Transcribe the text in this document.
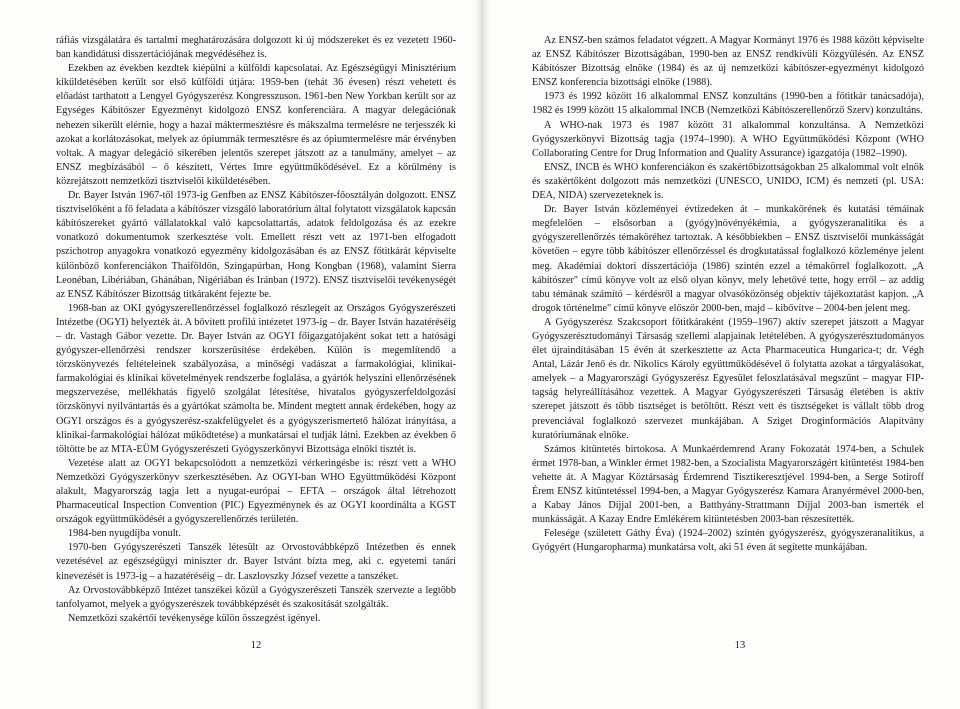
ráfiás vizsgálatára és tartalmi meghatározására dolgozott ki új módszereket és ez vezetett 1960-ban kandidátusi disszertációjának megvédéséhez is.

Ezekben az években kezdtek kiépülni a külföldi kapcsolatai. Az Egészségügyi Minisztérium kiküldetésében került sor első külföldi útjára: 1959-ben (tehát 36 évesen) részt vehetett és előadást tarthatott a Lengyel Gyógyszerész Kongresszuson. 1961-ben New Yorkban került sor az Egységes Kábítószer Egyezményt kidolgozó ENSZ konferenciára. A magyar delegációnak nehezen sikerült elérnie, hogy a hazai máktermesztésre és mákszalma termelésre ne terjesszék ki azokat a korlátozásokat, melyek az ópiummák termesztésre és az ópiumtermelésre már érvényben voltak. A magyar delegáció sikerében jelentős szerepet játszott az a tanulmány, amelyet – az ENSZ megbízásából – ő készített, Vértes Imre együttműködésével. Ez a körülmény is közrejátszott nemzetközi tisztviselői kiküldetésében.

Dr. Bayer István 1967-től 1973-ig Genfben az ENSZ Kábítószer-főosztályán dolgozott. ENSZ tisztviselőként a fő feladata a kábítószer vizsgáló laboratórium által folytatott vizsgálatok kapcsán kábítószereket gyártó vállalatokkal való kapcsolattartás, adatok feldolgozása és az ezekre vonatkozó dokumentumok szerkesztése volt. Emellett részt vett az 1971-ben elfogadott pszichotrop anyagokra vonatkozó egyezmény kidolgozásában és az ENSZ főtitkárát képviselte különböző konferenciákon Thaiföldön, Szingapúrban, Hong Kongban (1968), valamint Sierra Leonéban, Libériában, Ghánában, Nigériában és Iránban (1972). ENSZ tisztviselői tevékenységét az ENSZ Kábítószer Bizottság titkáraként fejezte be.

1968-ban az OKI gyógyszerellenőrzéssel foglalkozó részlegeit az Országos Gyógyszerészeti Intézetbe (OGYI) helyezték át. A bővített profilú intézetet 1973-ig – dr. Bayer István hazatéréséig – dr. Vastagh Gábor vezette. Dr. Bayer István az OGYI főigazgatójaként sokat tett a hatósági gyógyszer-ellenőrzési rendszer korszerűsítése érdekében. Külön is megemlítendő a törzskönyvezés feltételeinek szabályozása, a minőségi vadászat a farmakológiai, klinikai-farmakológiai és klinikai követelmények rendszerbe foglalása, a gyártók helyszíni ellenőrzésének megszervezése, mellékhatás figyelő szolgálat létesítése, hivatalos gyógyszerfeldolgozási törzskönyvi nyilvántartás és a gyártókat számolta be. Mindent megtett annak érdekében, hogy az OGYI országos és a gyógyszerész-szakfelügyelet és a gyógyszerismertető hálózat irányítása, a klinikai-farmakológiai hálózat működtetése) a munkatársai el tudják látni. Ezekben az években ő töltötte be az MTA-EÜM Gyógyszerészeti Gyógyszerkönyvi Bizottsága elnöki tisztét is.

Vezetése alatt az OGYI bekapcsolódott a nemzetközi vérkeringésbe is: részt vett a WHO Nemzetközi Gyógyszerkönyv szerkesztésében. Az OGYI-ban WHO Együttműködési Központ alakult, Magyarország tagja lett a nyugat-európai – EFTA – országok által létrehozott Pharmaceutical Inspection Convention (PIC) Egyezménynek és az OGYI koordinálta a KGST országok együttműködését a gyógyszerellenőrzés területén.

1984-ben nyugdíjba vonult.

1970-ben Gyógyszerészeti Tanszék létesült az Orvostovábbképző Intézetben és ennek vezetésével az egészségügyi miniszter dr. Bayer Istvánt bízta meg, aki c. egyetemi tanári kinevezését is 1973-ig – a hazatéréséig – dr. Laszlovszky József vezette a tanszéket.

Az Orvostovábbképző Intézet tanszékei közül a Gyógyszerészeti Tanszék szervezte a legtöbb tanfolyamot, melyek a gyógyszerészek továbbképzését és szakosítását szolgálták.

Nemzetközi szakértői tevékenysége külön összegzést igényel.

12

Az ENSZ-ben számos feladatot végzett. A Magyar Kormányt 1976 és 1988 között képviselte az ENSZ Kábítószer Bizottságában, 1990-ben az ENSZ rendkívüli Közgyűlésén. Az ENSZ Kábítószer Bizottság elnöke (1984) és az új nemzetközi kábítószer-egyezményt kidolgozó ENSZ konferencia bizottsági elnöke (1988).

1973 és 1992 között 16 alkalommal ENSZ konzultáns (1990-ben a főtitkár tanácsadója), 1982 és 1999 között 15 alkalommal INCB (Nemzetközi Kábítószerellenőrző Szerv) konzultáns.

A WHO-nak 1973 és 1987 között 31 alkalommal konzultánsa. A Nemzetközi Gyógyszerkönyvi Bizottság tagja (1974–1990). A WHO Együttműködési Központ (WHO Collaborating Centre for Drug Information and Quality Assurance) igazgatója (1982–1990).

ENSZ, INCB és WHO konferenciákon és szakértőbizottságokban 25 alkalommal volt elnök és szakértőként dolgozott más nemzetközi (UNESCO, UNIDO, ICM) és nemzeti (pl. USA: DEA, NIDA) szervezeteknek is.

Dr. Bayer István közleményei évtizedeken át – munkakörének és kutatási témáinak megfelelően – elsősorban a (gyógy)növényékémia, a gyógyszeranalitika és a gyógyszerellenőrzés témaköréhez tartoztak. A későbbiekben – ENSZ tisztviselői munkásságát követően – egyre több kábítószer ellenőrzéssel és drogkutatással foglalkozó közleménye jelent meg. Akadémiai doktori disszertációja (1986) szintén ezzel a témakörrel foglalkozott. „A kábítószer" című könyve volt az első olyan könyv, mely lehetővé tette, hogy erről – az addig tabu témának számító – kérdésről a magyar olvasóközönség objektív tájékoztatást kapjon. „A drogok történelme" című könyve először 2000-ben, majd – kibővítve – 2004-ben jelent meg.

A Gyógyszerész Szakcsoport főtitkáraként (1959–1967) aktív szerepet játszott a Magyar Gyógyszerésztudományi Társaság szellemi alapjainak letételében. A gyógyszerésztudományos élet újraindításában 15 évén át szerkesztette az Acta Pharmaceutica Hungarica-t; dr. Végh Antal, Lázár Jenő és dr. Nikolics Károly együttműködésével ő folytatta azokat a tárgyalásokat, amelyek – a Magyarországi Gyógyszerész Egyesület feloszlatásával megszűnt – magyar FIP-tagság helyreállításához vezettek. A Magyar Gyógyszerészeti Társaság életében is aktív szerepet játszott és több tisztséget is betöltött. Részt vett és tisztségeket is vállalt több drog prevenciával foglalkozó szervezet munkájában. A Sziget Droginformációs Alapítvány kuratóriumának elnöke.

Számos kitüntetés birtokosa. A Munkaérdemrend Arany Fokozatát 1974-ben, a Schulek érmet 1978-ban, a Winkler érmet 1982-ben, a Szocialista Magyarországért kitüntetést 1984-ben vehette át. A Magyar Köztársaság Érdemrend Tisztikeresztjével 1994-ben, a Serge Sotiroff Érem ENSZ kitüntetéssel 1994-ben, a Magyar Gyógyszerész Kamara Aranyérmével 2000-ben, a Kabay János Díjjal 2001-ben, a Batthyány-Strattmann Díjjal 2003-ban ismerték el munkásságát. A Kazay Endre Emlékérem kitüntetésben 2003-ban részesítették.

Felesége (született Gáthy Éva) (1924–2002) szintén gyógyszerész, gyógyszeranalitikus, a Gyógyért (Hungaropharma) munkatársa volt, aki 51 éven át segítette munkájában.

13
